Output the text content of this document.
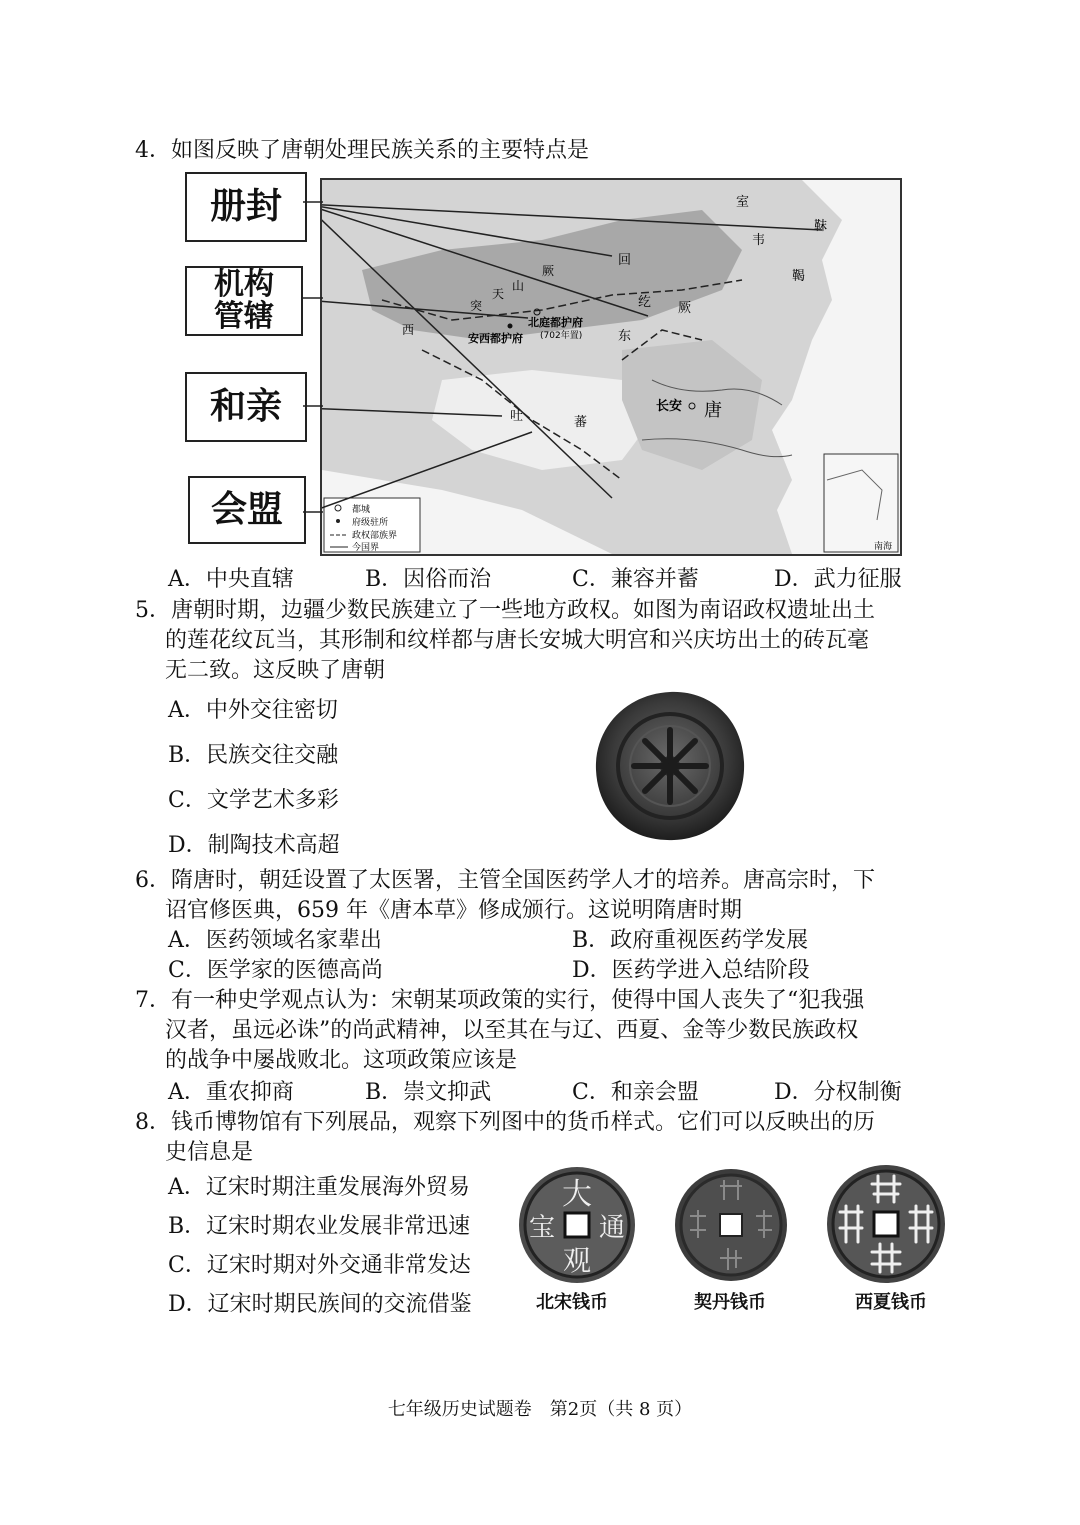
4．如图反映了唐朝处理民族关系的主要特点是
册封
机构管辖
和亲
会盟
南海
都城
府级驻所
政权部族界
今国界
室
韦
靺
鞨
回
纥 厥
东
突
天
山
厥
北庭都护府
(702年置)
安西都护府
西
吐	蕃
长安 唐
A．中央直辖	B．因俗而治	C．兼容并蓄	D．武力征服
5．唐朝时期，边疆少数民族建立了一些地方政权。如图为南诏政权遗址出土
的莲花纹瓦当，其形制和纹样都与唐长安城大明宫和兴庆坊出土的砖瓦毫
无二致。这反映了唐朝
A．中外交往密切
B．民族交往交融
C．文学艺术多彩
D．制陶技术高超
6．隋唐时，朝廷设置了太医署，主管全国医药学人才的培养。唐高宗时，下
诏官修医典，659 年《唐本草》修成颁行。这说明隋唐时期
A．医药领域名家辈出	B．政府重视医药学发展
C．医学家的医德高尚	D．医药学进入总结阶段
7．有一种史学观点认为：宋朝某项政策的实行，使得中国人丧失了“犯我强
汉者，虽远必诛”的尚武精神，以至其在与辽、西夏、金等少数民族政权
的战争中屡战败北。这项政策应该是
A．重农抑商	B．崇文抑武	C．和亲会盟	D．分权制衡
8．钱币博物馆有下列展品，观察下列图中的货币样式。它们可以反映出的历
史信息是
A．辽宋时期注重发展海外贸易
B．辽宋时期农业发展非常迅速
C．辽宋时期对外交通非常发达
D．辽宋时期民族间的交流借鉴
大
通
观
宝
北宋钱币	契丹钱币	西夏钱币
七年级历史试题卷　第2页（共 8 页）
